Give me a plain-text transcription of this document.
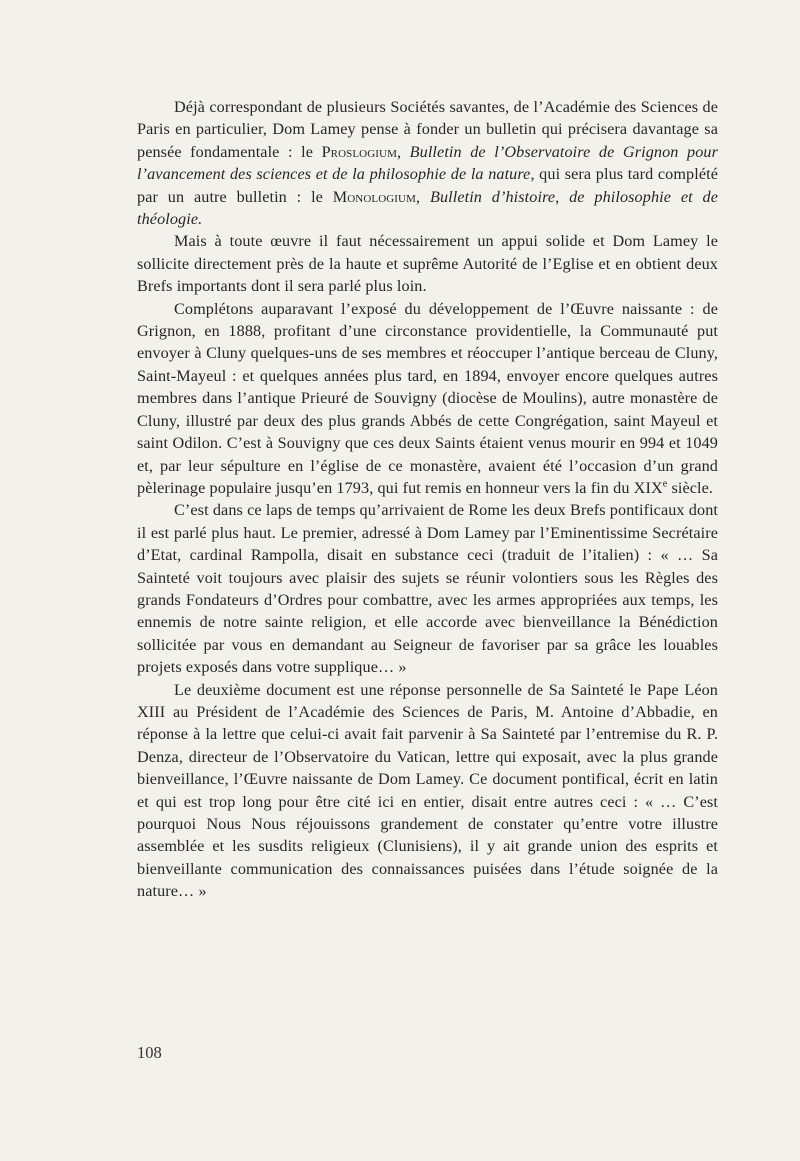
Déjà correspondant de plusieurs Sociétés savantes, de l’Académie des Sciences de Paris en particulier, Dom Lamey pense à fonder un bulletin qui précisera davantage sa pensée fondamentale : le Proslogium, Bulletin de l’Observatoire de Grignon pour l’avancement des sciences et de la philosophie de la nature, qui sera plus tard complété par un autre bulletin : le Monologium, Bulletin d’histoire, de philosophie et de théologie.

Mais à toute œuvre il faut nécessairement un appui solide et Dom Lamey le sollicite directement près de la haute et suprême Autorité de l’Eglise et en obtient deux Brefs importants dont il sera parlé plus loin.

Complétons auparavant l’exposé du développement de l’Œuvre naissante : de Grignon, en 1888, profitant d’une circonstance providentielle, la Communauté put envoyer à Cluny quelques-uns de ses membres et réoccuper l’antique berceau de Cluny, Saint-Mayeul : et quelques années plus tard, en 1894, envoyer encore quelques autres membres dans l’antique Prieuré de Souvigny (diocèse de Moulins), autre monastère de Cluny, illustré par deux des plus grands Abbés de cette Congrégation, saint Mayeul et saint Odilon. C’est à Souvigny que ces deux Saints étaient venus mourir en 994 et 1049 et, par leur sépulture en l’église de ce monastère, avaient été l’occasion d’un grand pèlerinage populaire jusqu’en 1793, qui fut remis en honneur vers la fin du XIXe siècle.

C’est dans ce laps de temps qu’arrivaient de Rome les deux Brefs pontificaux dont il est parlé plus haut. Le premier, adressé à Dom Lamey par l’Eminentissime Secrétaire d’Etat, cardinal Rampolla, disait en substance ceci (traduit de l’italien) : « … Sa Sainteté voit toujours avec plaisir des sujets se réunir volontiers sous les Règles des grands Fondateurs d’Ordres pour combattre, avec les armes appropriées aux temps, les ennemis de notre sainte religion, et elle accorde avec bienveillance la Bénédiction sollicitée par vous en demandant au Seigneur de favoriser par sa grâce les louables projets exposés dans votre supplique… »

Le deuxième document est une réponse personnelle de Sa Sainteté le Pape Léon XIII au Président de l’Académie des Sciences de Paris, M. Antoine d’Abbadie, en réponse à la lettre que celui-ci avait fait parvenir à Sa Sainteté par l’entremise du R. P. Denza, directeur de l’Observatoire du Vatican, lettre qui exposait, avec la plus grande bienveillance, l’Œuvre naissante de Dom Lamey. Ce document pontifical, écrit en latin et qui est trop long pour être cité ici en entier, disait entre autres ceci : « … C’est pourquoi Nous Nous réjouissons grandement de constater qu’entre votre illustre assemblée et les susdits religieux (Clunisiens), il y ait grande union des esprits et bienveillante communication des connaissances puisées dans l’étude soignée de la nature… »

108
